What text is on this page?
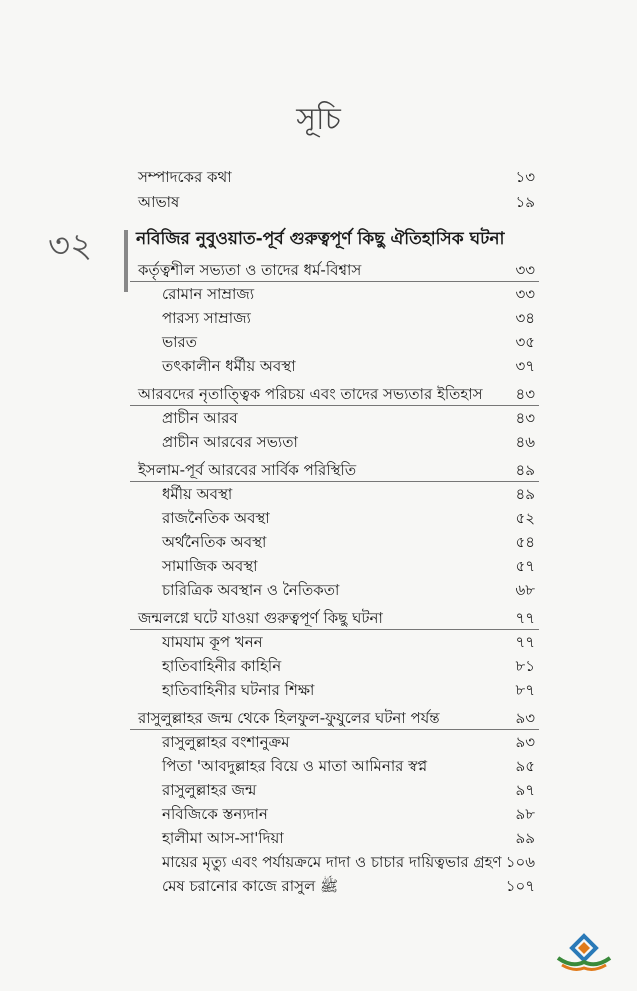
সূচি
৩২
সম্পাদকের কথা	১৩
আভাষ	১৯
নবিজির নুবুওয়াত-পূর্ব গুরুত্বপূর্ণ কিছু ঐতিহাসিক ঘটনা
কর্তৃত্বশীল সভ্যতা ও তাদের ধর্ম-বিশ্বাস	৩৩
রোমান সাম্রাজ্য	৩৩
পারস্য সাম্রাজ্য	৩৪
ভারত	৩৫
তৎকালীন ধর্মীয় অবস্থা	৩৭
আরবদের নৃতাত্ত্বিক পরিচয় এবং তাদের সভ্যতার ইতিহাস ৪৩
প্রাচীন আরব	৪৩
প্রাচীন আরবের সভ্যতা	৪৬
ইসলাম-পূর্ব আরবের সার্বিক পরিস্থিতি	৪৯
ধর্মীয় অবস্থা	৪৯
রাজনৈতিক অবস্থা	৫২
অর্থনৈতিক অবস্থা	৫৪
সামাজিক অবস্থা	৫৭
চারিত্রিক অবস্থান ও নৈতিকতা	৬৮
জন্মলগ্নে ঘটে যাওয়া গুরুত্বপূর্ণ কিছু ঘটনা	৭৭
যামযাম কূপ খনন	৭৭
হাতিবাহিনীর কাহিনি	৮১
হাতিবাহিনীর ঘটনার শিক্ষা	৮৭
রাসুলুল্লাহর জন্ম থেকে হিলফুল-ফুযুলের ঘটনা পর্যন্ত	৯৩
রাসুলুল্লাহর বংশানুক্রম	৯৩
পিতা 'আবদুল্লাহর বিয়ে ও মাতা আমিনার স্বপ্ন	৯৫
রাসুলুল্লাহর জন্ম	৯৭
নবিজিকে স্তন্যদান	৯৮
হালীমা আস-সা'দিয়া	৯৯
মায়ের মৃত্যু এবং পর্যায়ক্রমে দাদা ও চাচার দায়িত্বভার গ্রহণ ১০৬
মেষ চরানোর কাজে রাসুল ﷺ	১০৭
